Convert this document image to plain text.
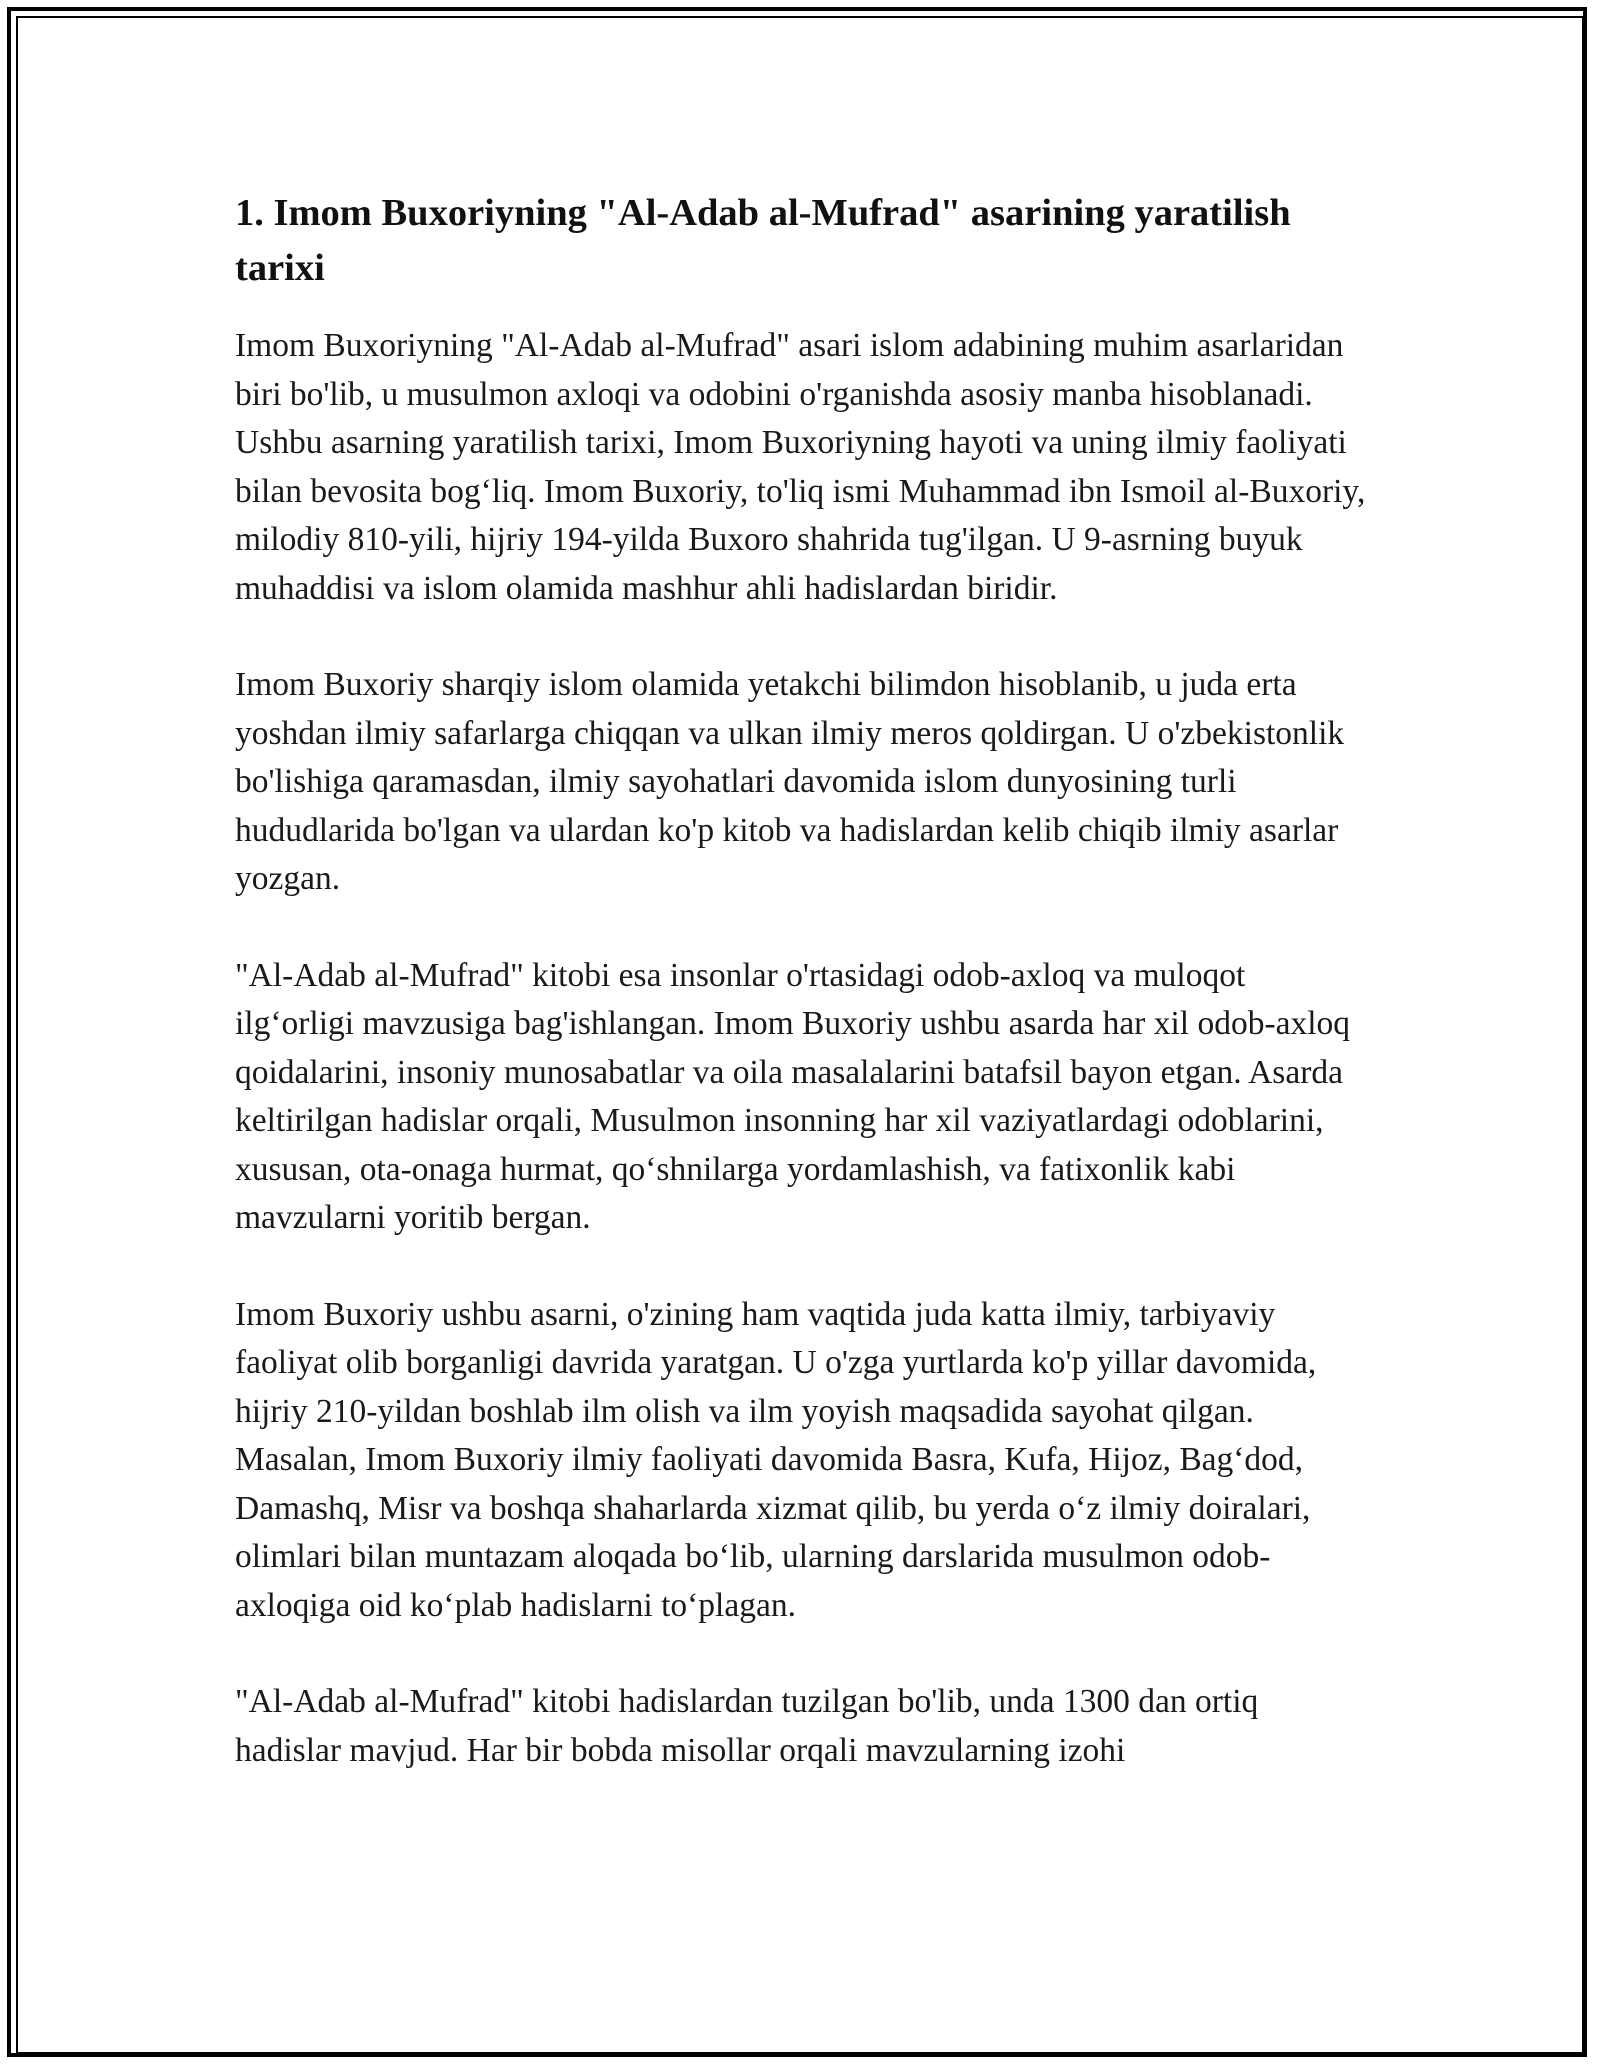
1. Imom Buxoriyning "Al-Adab al-Mufrad" asarining yaratilish tarixi

Imom Buxoriyning "Al-Adab al-Mufrad" asari islom adabining muhim asarlaridan biri bo'lib, u musulmon axloqi va odobini o'rganishda asosiy manba hisoblanadi. Ushbu asarning yaratilish tarixi, Imom Buxoriyning hayoti va uning ilmiy faoliyati bilan bevosita bog‘liq. Imom Buxoriy, to'liq ismi Muhammad ibn Ismoil al-Buxoriy, milodiy 810-yili, hijriy 194-yilda Buxoro shahrida tug'ilgan. U 9-asrning buyuk muhaddisi va islom olamida mashhur ahli hadislardan biridir.

Imom Buxoriy sharqiy islom olamida yetakchi bilimdon hisoblanib, u juda erta yoshdan ilmiy safarlarga chiqqan va ulkan ilmiy meros qoldirgan. U o'zbekistonlik bo'lishiga qaramasdan, ilmiy sayohatlari davomida islom dunyosining turli hududlarida bo'lgan va ulardan ko'p kitob va hadislardan kelib chiqib ilmiy asarlar yozgan.

"Al-Adab al-Mufrad" kitobi esa insonlar o'rtasidagi odob-axloq va muloqot ilg‘orligi mavzusiga bag'ishlangan. Imom Buxoriy ushbu asarda har xil odob-axloq qoidalarini, insoniy munosabatlar va oila masalalarini batafsil bayon etgan. Asarda keltirilgan hadislar orqali, Musulmon insonning har xil vaziyatlardagi odoblarini, xususan, ota-onaga hurmat, qo‘shnilarga yordamlashish, va fatixonlik kabi mavzularni yoritib bergan.

Imom Buxoriy ushbu asarni, o'zining ham vaqtida juda katta ilmiy, tarbiyaviy faoliyat olib borganligi davrida yaratgan. U o'zga yurtlarda ko'p yillar davomida, hijriy 210-yildan boshlab ilm olish va ilm yoyish maqsadida sayohat qilgan. Masalan, Imom Buxoriy ilmiy faoliyati davomida Basra, Kufa, Hijoz, Bag‘dod, Damashq, Misr va boshqa shaharlarda xizmat qilib, bu yerda o‘z ilmiy doiralari, olimlari bilan muntazam aloqada bo‘lib, ularning darslarida musulmon odob-axloqiga oid ko‘plab hadislarni to‘plagan.

"Al-Adab al-Mufrad" kitobi hadislardan tuzilgan bo'lib, unda 1300 dan ortiq hadislar mavjud. Har bir bobda misollar orqali mavzularning izohi
